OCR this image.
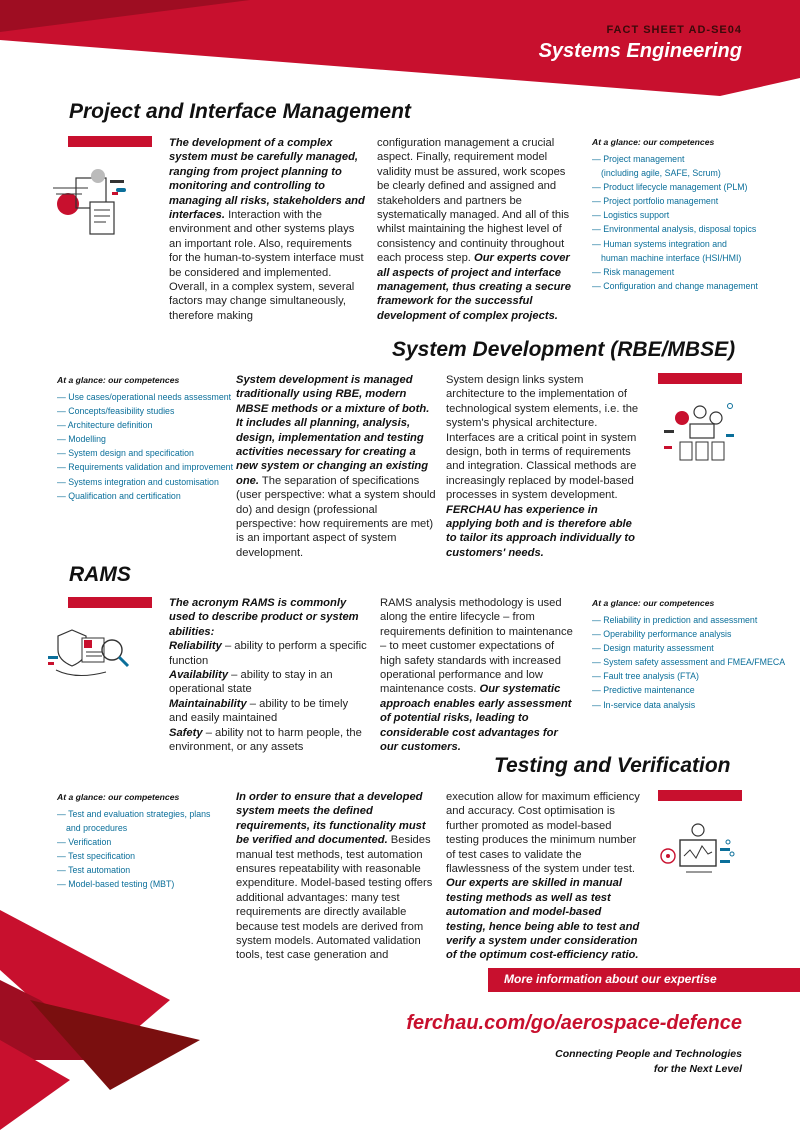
FACT SHEET AD-SE04
Systems Engineering
Project and Interface Management
The development of a complex system must be carefully managed, ranging from project planning to monitoring and controlling to managing all risks, stakeholders and interfaces. Interaction with the environment and other systems plays an important role. Also, requirements for the human-to-system interface must be considered and implemented. Overall, in a complex system, several factors may change simultaneously, therefore making
configuration management a crucial aspect. Finally, requirement model validity must be assured, work scopes be clearly defined and assigned and stakeholders and partners be systematically managed. And all of this whilst maintaining the highest level of consistency and continuity throughout each process step. Our experts cover all aspects of project and interface management, thus creating a secure framework for the successful development of complex projects.
At a glance: our competences
— Project management
(including agile, SAFE, Scrum)
— Product lifecycle management (PLM)
— Project portfolio management
— Logistics support
— Environmental analysis, disposal topics
— Human systems integration and
human machine interface (HSI/HMI)
— Risk management
— Configuration and change management
System Development (RBE/MBSE)
At a glance: our competences
— Use cases/operational needs assessment
— Concepts/feasibility studies
— Architecture definition
— Modelling
— System design and specification
— Requirements validation and improvement
— Systems integration and customisation
— Qualification and certification
System development is managed traditionally using RBE, modern MBSE methods or a mixture of both. It includes all planning, analysis, design, implementation and testing activities necessary for creating a new system or changing an existing one. The separation of specifications (user perspective: what a system should do) and design (professional perspective: how requirements are met) is an important aspect of system development.
System design links system architecture to the implementation of technological system elements, i.e. the system's physical architecture. Interfaces are a critical point in system design, both in terms of requirements and integration. Classical methods are increasingly replaced by model-based processes in system development. FERCHAU has experience in applying both and is therefore able to tailor its approach individually to customers' needs.
RAMS
The acronym RAMS is commonly used to describe product or system abilities:
Reliability – ability to perform a specific function
Availability – ability to stay in an operational state
Maintainability – ability to be timely and easily maintained
Safety – ability not to harm people, the environment, or any assets
RAMS analysis methodology is used along the entire lifecycle – from requirements definition to maintenance – to meet customer expectations of high safety standards with increased operational performance and low maintenance costs. Our systematic approach enables early assessment of potential risks, leading to considerable cost advantages for our customers.
At a glance: our competences
— Reliability in prediction and assessment
— Operability performance analysis
— Design maturity assessment
— System safety assessment and FMEA/FMECA
— Fault tree analysis (FTA)
— Predictive maintenance
— In-service data analysis
Testing and Verification
At a glance: our competences
— Test and evaluation strategies, plans
and procedures
— Verification
— Test specification
— Test automation
— Model-based testing (MBT)
In order to ensure that a developed system meets the defined requirements, its functionality must be verified and documented. Besides manual test methods, test automation ensures repeatability with reasonable expenditure. Model-based testing offers additional advantages: many test requirements are directly available because test models are derived from system models. Automated validation tools, test case generation and
execution allow for maximum efficiency and accuracy. Cost optimisation is further promoted as model-based testing produces the minimum number of test cases to validate the flawlessness of the system under test. Our experts are skilled in manual testing methods as well as test automation and model-based testing, hence being able to test and verify a system under consideration of the optimum cost-efficiency ratio.
More information about our expertise
ferchau.com/go/aerospace-defence
Connecting People and Technologies
for the Next Level
